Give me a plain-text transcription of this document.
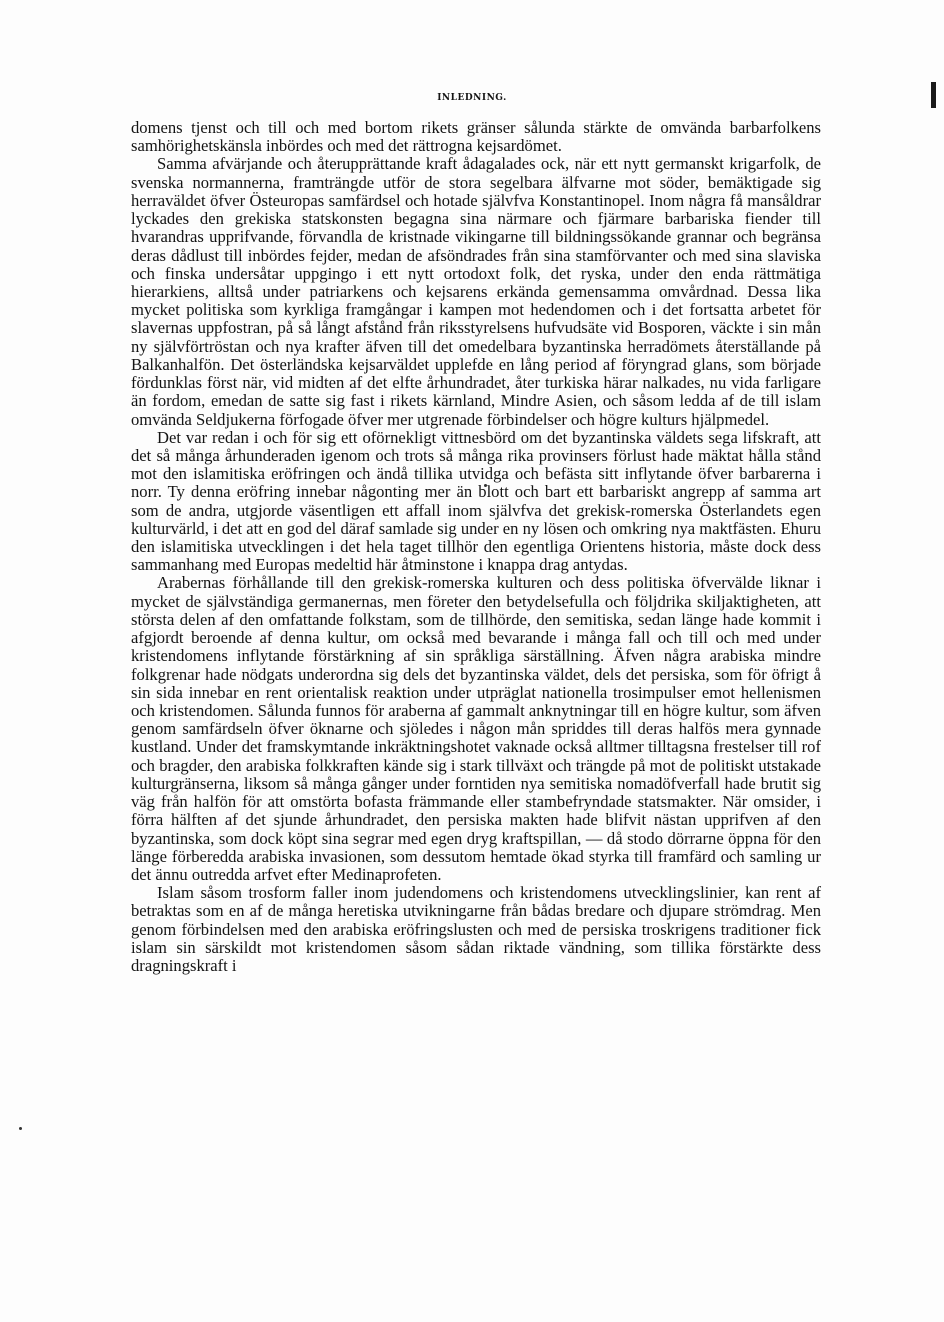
INLEDNING.

domens tjenst och till och med bortom rikets gränser sålunda stärkte de omvända barbarfolkens samhörighetskänsla inbördes och med det rättrogna kejsardömet.

Samma afvärjande och återupprättande kraft ådagalades ock, när ett nytt germanskt krigarfolk, de svenska normannerna, framträngde utför de stora segelbara älfvarne mot söder, bemäktigade sig herraväldet öfver Östeuropas samfärdsel och hotade självfva Konstantinopel. Inom några få mansåldrar lyckades den grekiska statskonsten begagna sina närmare och fjärmare barbariska fiender till hvarandras upprifvande, förvandla de kristnade vikingarne till bildningssökande grannar och begränsa deras dådlust till inbördes fejder, medan de afsöndrades från sina stamförvanter och med sina slaviska och finska undersåtar uppgingo i ett nytt ortodoxt folk, det ryska, under den enda rättmätiga hierarkiens, alltså under patriarkens och kejsarens erkända gemensamma omvårdnad. Dessa lika mycket politiska som kyrkliga framgångar i kampen mot hedendomen och i det fortsatta arbetet för slavernas uppfostran, på så långt afstånd från riksstyrelsens hufvudsäte vid Bosporen, väckte i sin mån ny självförtröstan och nya krafter äfven till det omedelbara byzantinska herradömets återställande på Balkanhalfön. Det österländska kejsarväldet upplefde en lång period af föryngrad glans, som började fördunklas först när, vid midten af det elfte århundradet, åter turkiska härar nalkades, nu vida farligare än fordom, emedan de satte sig fast i rikets kärnland, Mindre Asien, och såsom ledda af de till islam omvända Seldjukerna förfogade öfver mer utgrenade förbindelser och högre kulturs hjälpmedel.

Det var redan i och för sig ett oförnekligt vittnesbörd om det byzantinska väldets sega lifskraft, att det så många århunderaden igenom och trots så många rika provinsers förlust hade mäktat hålla stånd mot den islamitiska eröfringen och ändå tillika utvidga och befästa sitt inflytande öfver barbarerna i norr. Ty denna eröfring innebar någonting mer än blott och bart ett barbariskt angrepp af samma art som de andra, utgjorde väsentligen ett affall inom självfva det grekisk-romerska Österlandets egen kulturvärld, i det att en god del däraf samlade sig under en ny lösen och omkring nya maktfästen. Ehuru den islamitiska utvecklingen i det hela taget tillhör den egentliga Orientens historia, måste dock dess sammanhang med Europas medeltid här åtminstone i knappa drag antydas.

Arabernas förhållande till den grekisk-romerska kulturen och dess politiska öfvervälde liknar i mycket de självständiga germanernas, men företer den betydelsefulla och följdrika skiljaktigheten, att största delen af den omfattande folkstam, som de tillhörde, den semitiska, sedan länge hade kommit i afgjordt beroende af denna kultur, om också med bevarande i många fall och till och med under kristendomens inflytande förstärkning af sin språkliga särställning. Äfven några arabiska mindre folkgrenar hade nödgats underordna sig dels det byzantinska väldet, dels det persiska, som för öfrigt å sin sida innebar en rent orientalisk reaktion under utpräglat nationella trosimpulser emot hellenismen och kristendomen. Sålunda funnos för araberna af gammalt anknytningar till en högre kultur, som äfven genom samfärdseln öfver öknarne och sjöledes i någon mån spriddes till deras halfös mera gynnade kustland. Under det framskymtande inkräktningshotet vaknade också alltmer tilltagsna frestelser till rof och bragder, den arabiska folkkraften kände sig i stark tillväxt och trängde på mot de politiskt utstakade kulturgränserna, liksom så många gånger under forntiden nya semitiska nomadöfverfall hade brutit sig väg från halfön för att omstörta bofasta främmande eller stambefryndade statsmakter. När omsider, i förra hälften af det sjunde århundradet, den persiska makten hade blifvit nästan upprifven af den byzantinska, som dock köpt sina segrar med egen dryg kraftspillan, — då stodo dörrarne öppna för den länge förberedda arabiska invasionen, som dessutom hemtade ökad styrka till framfärd och samling ur det ännu outredda arfvet efter Medinaprofeten.

Islam såsom trosform faller inom judendomens och kristendomens utvecklingslinier, kan rent af betraktas som en af de många heretiska utvikningarne från bådas bredare och djupare strömdrag. Men genom förbindelsen med den arabiska eröfringslusten och med de persiska troskrigens traditioner fick islam sin särskildt mot kristendomen såsom sådan riktade vändning, som tillika förstärkte dess dragningskraft i
